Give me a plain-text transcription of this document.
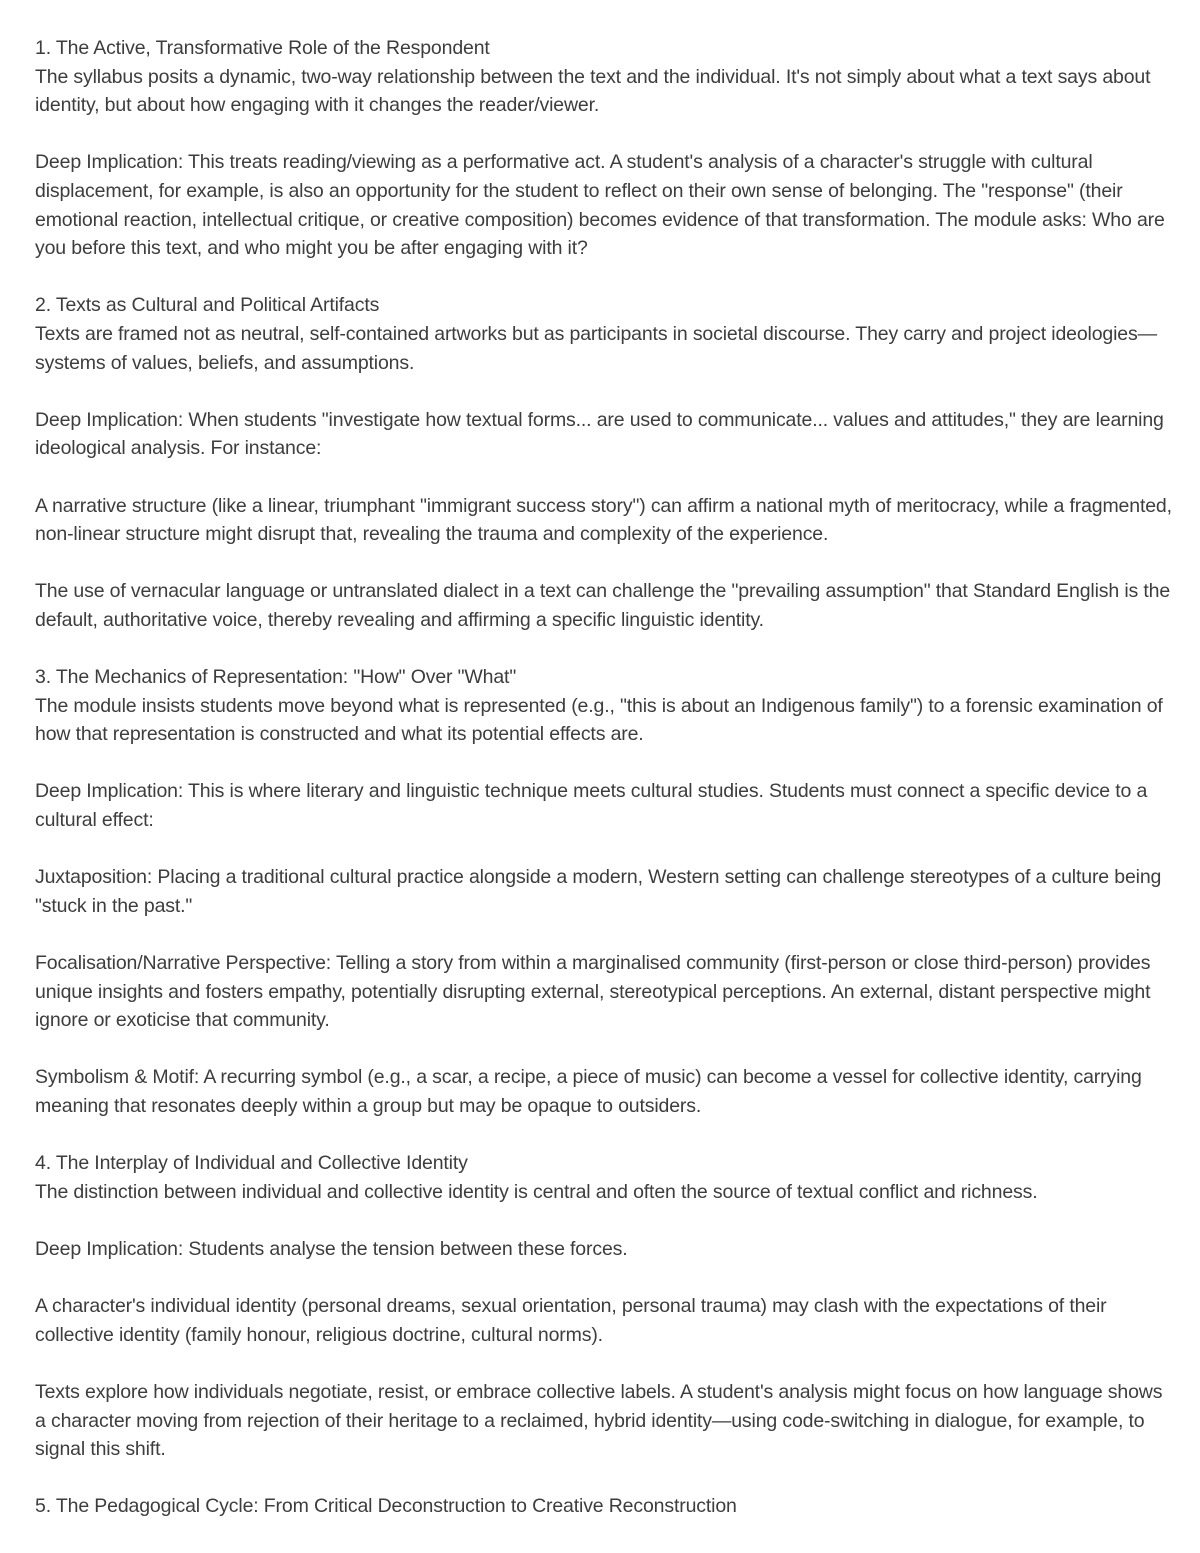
1. The Active, Transformative Role of the Respondent

The syllabus posits a dynamic, two-way relationship between the text and the individual. It's not simply about what a text says about identity, but about how engaging with it changes the reader/viewer.

Deep Implication: This treats reading/viewing as a performative act. A student's analysis of a character's struggle with cultural displacement, for example, is also an opportunity for the student to reflect on their own sense of belonging. The "response" (their emotional reaction, intellectual critique, or creative composition) becomes evidence of that transformation. The module asks: Who are you before this text, and who might you be after engaging with it?

2. Texts as Cultural and Political Artifacts

Texts are framed not as neutral, self-contained artworks but as participants in societal discourse. They carry and project ideologies—systems of values, beliefs, and assumptions.

Deep Implication: When students "investigate how textual forms... are used to communicate... values and attitudes," they are learning ideological analysis. For instance:

A narrative structure (like a linear, triumphant "immigrant success story") can affirm a national myth of meritocracy, while a fragmented, non-linear structure might disrupt that, revealing the trauma and complexity of the experience.

The use of vernacular language or untranslated dialect in a text can challenge the "prevailing assumption" that Standard English is the default, authoritative voice, thereby revealing and affirming a specific linguistic identity.

3. The Mechanics of Representation: "How" Over "What"

The module insists students move beyond what is represented (e.g., "this is about an Indigenous family") to a forensic examination of how that representation is constructed and what its potential effects are.

Deep Implication: This is where literary and linguistic technique meets cultural studies. Students must connect a specific device to a cultural effect:

Juxtaposition: Placing a traditional cultural practice alongside a modern, Western setting can challenge stereotypes of a culture being "stuck in the past."

Focalisation/Narrative Perspective: Telling a story from within a marginalised community (first-person or close third-person) provides unique insights and fosters empathy, potentially disrupting external, stereotypical perceptions. An external, distant perspective might ignore or exoticise that community.

Symbolism & Motif: A recurring symbol (e.g., a scar, a recipe, a piece of music) can become a vessel for collective identity, carrying meaning that resonates deeply within a group but may be opaque to outsiders.

4. The Interplay of Individual and Collective Identity

The distinction between individual and collective identity is central and often the source of textual conflict and richness.

Deep Implication: Students analyse the tension between these forces.

A character's individual identity (personal dreams, sexual orientation, personal trauma) may clash with the expectations of their collective identity (family honour, religious doctrine, cultural norms).

Texts explore how individuals negotiate, resist, or embrace collective labels. A student's analysis might focus on how language shows a character moving from rejection of their heritage to a reclaimed, hybrid identity—using code-switching in dialogue, for example, to signal this shift.

5. The Pedagogical Cycle: From Critical Deconstruction to Creative Reconstruction
